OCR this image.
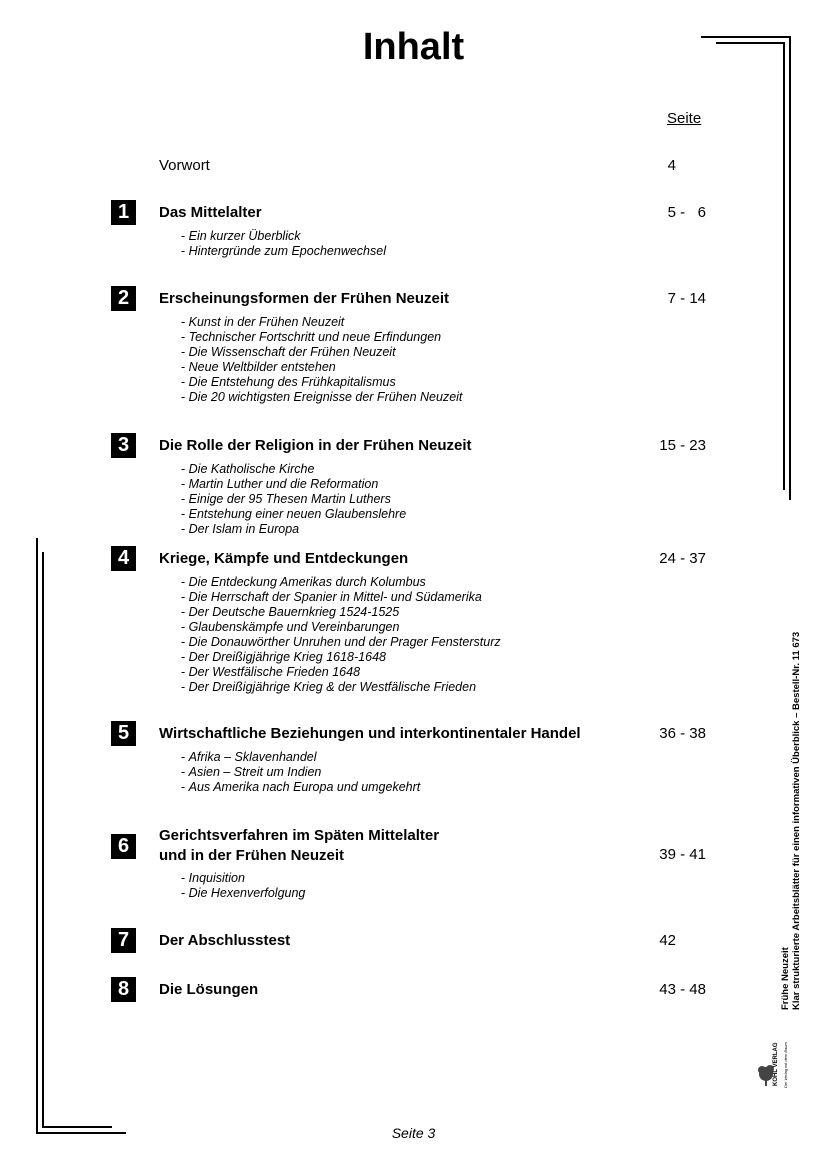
Inhalt
Seite
Vorwort	4
1	Das Mittelalter	5 -   6
- Ein kurzer Überblick
- Hintergründe zum Epochenwechsel
2	Erscheinungsformen der Frühen Neuzeit	7 - 14
- Kunst in der Frühen Neuzeit
- Technischer Fortschritt und neue Erfindungen
- Die Wissenschaft der Frühen Neuzeit
- Neue Weltbilder entstehen
- Die Entstehung des Frühkapitalismus
- Die 20 wichtigsten Ereignisse der Frühen Neuzeit
3	Die Rolle der Religion in der Frühen Neuzeit	15 - 23
- Die Katholische Kirche
- Martin Luther und die Reformation
- Einige der 95 Thesen Martin Luthers
- Entstehung einer neuen Glaubenslehre
- Der Islam in Europa
4	Kriege, Kämpfe und Entdeckungen	24 - 37
- Die Entdeckung Amerikas durch Kolumbus
- Die Herrschaft der Spanier in Mittel- und Südamerika
- Der Deutsche Bauernkrieg 1524-1525
- Glaubenskämpfe und Vereinbarungen
- Die Donauwörther Unruhen und der Prager Fenstersturz
- Der Dreißigjährige Krieg 1618-1648
- Der Westfälische Frieden 1648
- Der Dreißigjährige Krieg & der Westfälische Frieden
5	Wirtschaftliche Beziehungen und interkontinentaler Handel	36 - 38
- Afrika – Sklavenhandel
- Asien – Streit um Indien
- Aus Amerika nach Europa und umgekehrt
6	Gerichtsverfahren im Späten Mittelalter
und in der Frühen Neuzeit	39 - 41
- Inquisition
- Die Hexenverfolgung
7	Der Abschlusstest	42
8	Die Lösungen	43 - 48
Seite 3
Frühe Neuzeit Klar strukturierte Arbeitsblätter für einen informativen Überblick – Bestell-Nr. 11 673
KOHL VERLAG Der Verlag mit dem Baum
